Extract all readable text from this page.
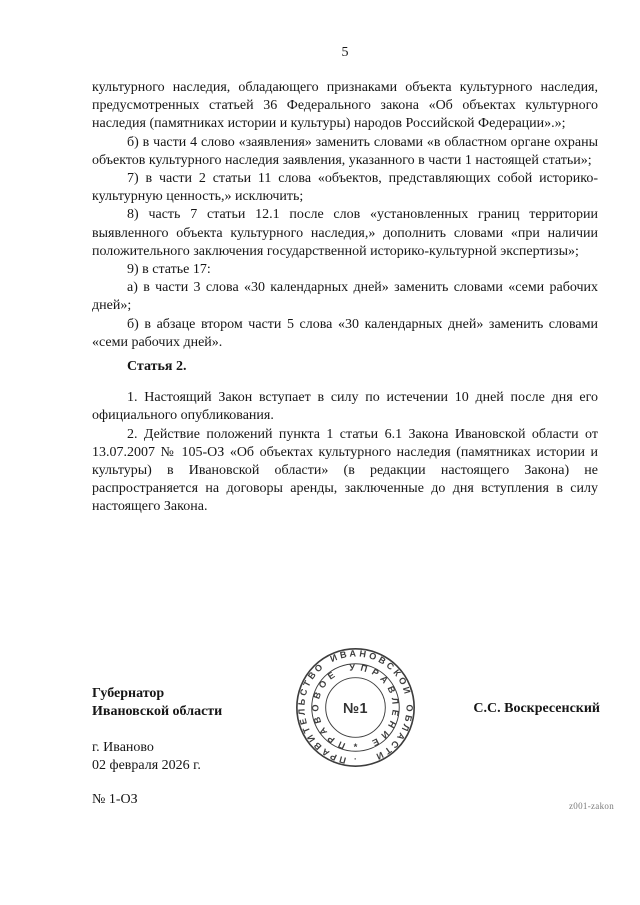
5

культурного наследия, обладающего признаками объекта культурного наследия, предусмотренных статьей 36 Федерального закона «Об объектах культурного наследия (памятниках истории и культуры) народов Российской Федерации».»;

б) в части 4 слово «заявления» заменить словами «в областном органе охраны объектов культурного наследия заявления, указанного в части 1 настоящей статьи»;

7) в части 2 статьи 11 слова «объектов, представляющих собой историко-культурную ценность,» исключить;

8) часть 7 статьи 12.1 после слов «установленных границ территории выявленного объекта культурного наследия,» дополнить словами «при наличии положительного заключения государственной историко-культурной экспертизы»;

9) в статье 17:

а) в части 3 слова «30 календарных дней» заменить словами «семи рабочих дней»;

б) в абзаце втором части 5 слова «30 календарных дней» заменить словами «семи рабочих дней».

Статья 2.

1. Настоящий Закон вступает в силу по истечении 10 дней после дня его официального опубликования.

2. Действие положений пункта 1 статьи 6.1 Закона Ивановской области от 13.07.2007 № 105-ОЗ «Об объектах культурного наследия (памятниках истории и культуры) в Ивановской области» (в редакции настоящего Закона) не распространяется на договоры аренды, заключенные до дня вступления в силу настоящего Закона.

Губернатор
Ивановской области
ПРАВИТЕЛЬСТВО ИВАНОВСКОЙ ОБЛАСТИ
ПРАВОВОЕ УПРАВЛЕНИЕ
№1
*
·
С.С. Воскресенский
г. Иваново
02 февраля 2026 г.
№ 1-ОЗ	z001-zakon
